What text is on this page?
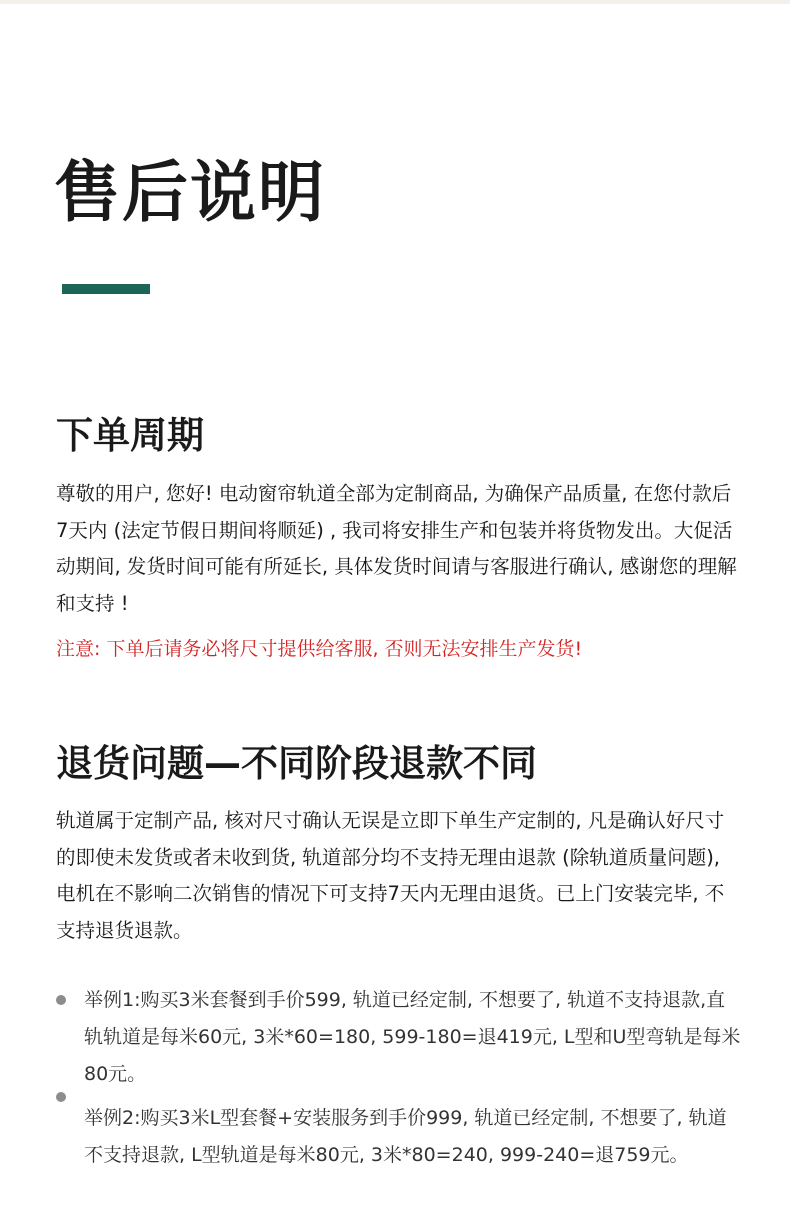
售后说明
下单周期

尊敬的用户, 您好! 电动窗帘轨道全部为定制商品, 为确保产品质量, 在您付款后7天内 (法定节假日期间将顺延) , 我司将安排生产和包装并将货物发出。大促活动期间, 发货时间可能有所延长, 具体发货时间请与客服进行确认, 感谢您的理解和支持 !

注意: 下单后请务必将尺寸提供给客服, 否则无法安排生产发货!

退货问题—不同阶段退款不同

轨道属于定制产品, 核对尺寸确认无误是立即下单生产定制的, 凡是确认好尺寸的即使未发货或者未收到货, 轨道部分均不支持无理由退款 (除轨道质量问题), 电机在不影响二次销售的情况下可支持7天内无理由退货。已上门安装完毕, 不支持退货退款。

举例1:购买3米套餐到手价599, 轨道已经定制, 不想要了, 轨道不支持退款,直轨轨道是每米60元, 3米*60=180, 599-180=退419元, L型和U型弯轨是每米80元。

举例2:购买3米L型套餐+安装服务到手价999, 轨道已经定制, 不想要了, 轨道不支持退款, L型轨道是每米80元, 3米*80=240, 999-240=退759元。
